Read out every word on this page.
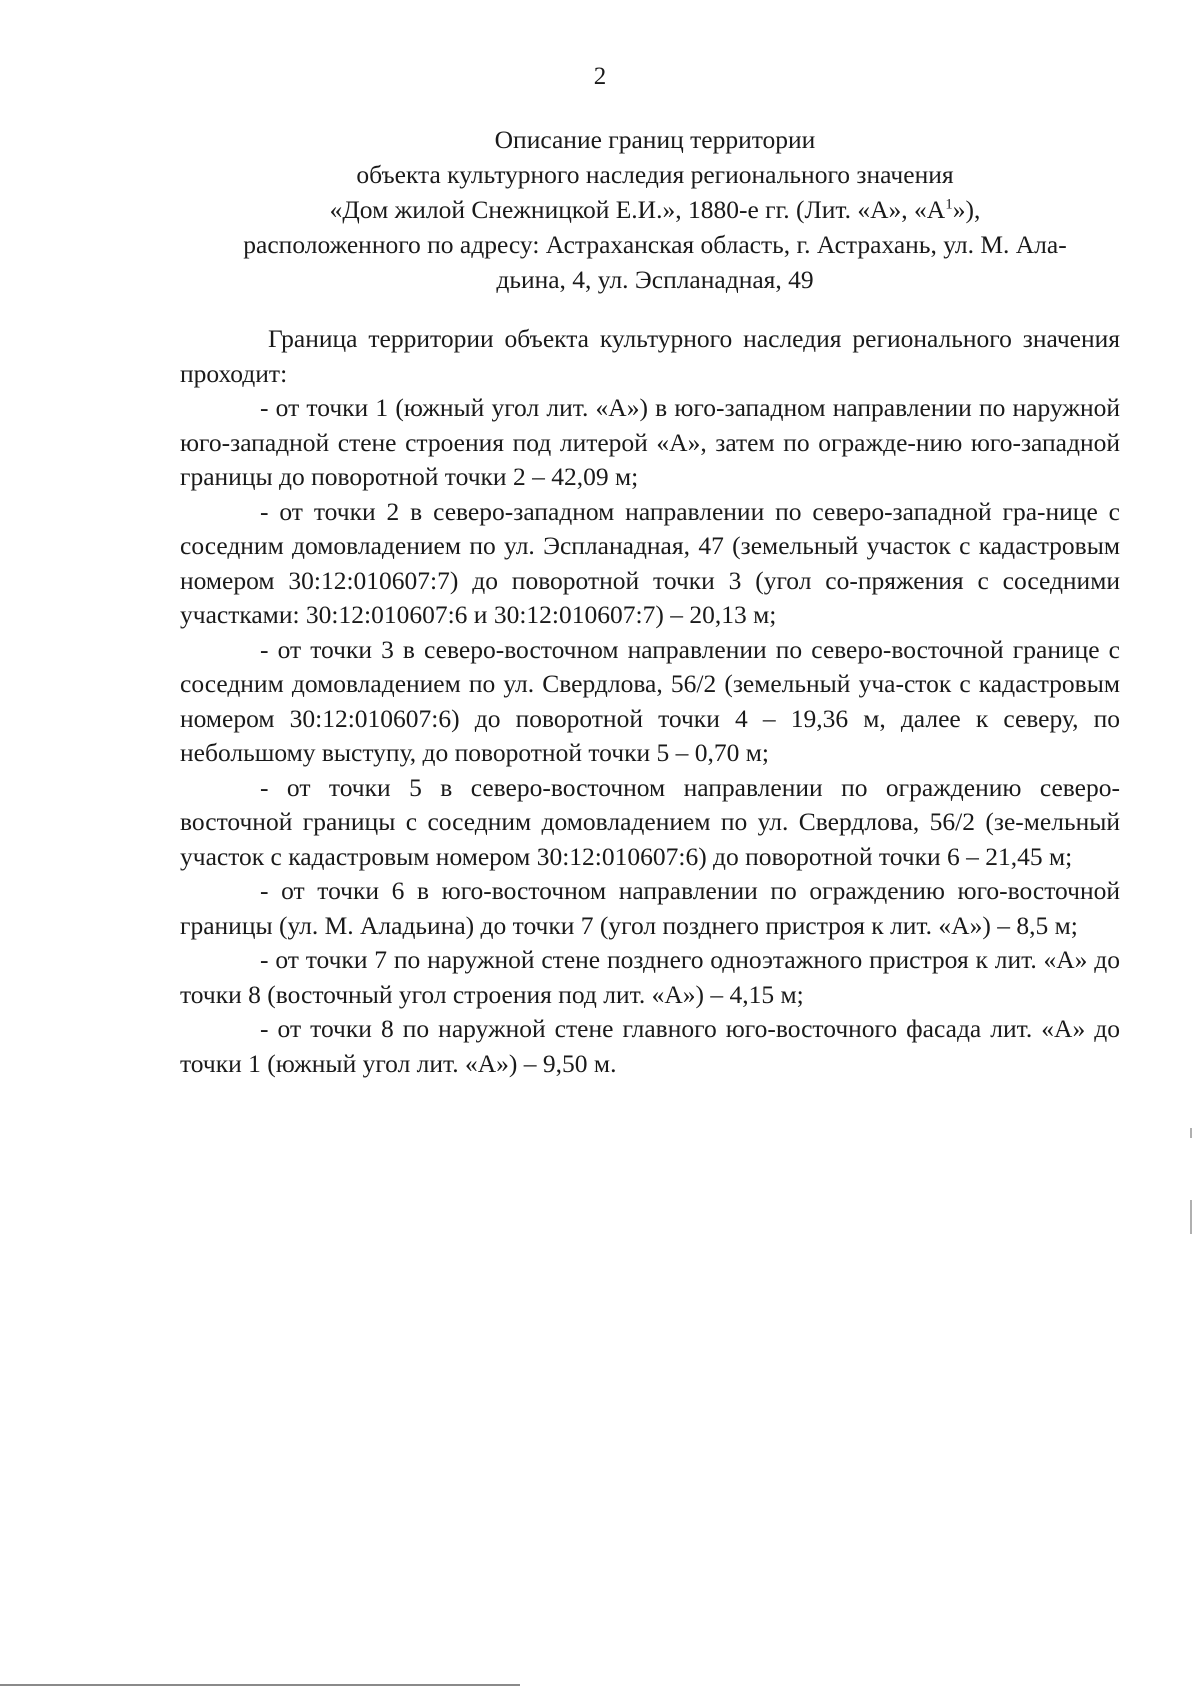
2
Описание границ территории
объекта культурного наследия регионального значения
«Дом жилой Снежницкой Е.И.», 1880-е гг. (Лит. «А», «$А^1$»),
расположенного по адресу: Астраханская область, г. Астрахань, ул. М. Ала-
дьина, 4, ул. Эспланадная, 49

Граница территории объекта культурного наследия регионального значения проходит:

- от точки 1 (южный угол лит. «А») в юго-западном направлении по наружной юго-западной стене строения под литерой «А», затем по огражде-нию юго-западной границы до поворотной точки 2 – 42,09 м;

- от точки 2 в северо-западном направлении по северо-западной гра-нице с соседним домовладением по ул. Эспланадная, 47 (земельный участок с кадастровым номером 30:12:010607:7) до поворотной точки 3 (угол со-пряжения с соседними участками: 30:12:010607:6 и 30:12:010607:7) – 20,13 м;

- от точки 3 в северо-восточном направлении по северо-восточной границе с соседним домовладением по ул. Свердлова, 56/2 (земельный уча-сток с кадастровым номером 30:12:010607:6) до поворотной точки 4 – 19,36 м, далее к северу, по небольшому выступу, до поворотной точки 5 – 0,70 м;

- от точки 5 в северо-восточном направлении по ограждению северо-восточной границы с соседним домовладением по ул. Свердлова, 56/2 (зе-мельный участок с кадастровым номером 30:12:010607:6) до поворотной точки 6 – 21,45 м;

- от точки 6 в юго-восточном направлении по ограждению юго-восточной границы (ул. М. Аладьина) до точки 7 (угол позднего пристроя к лит. «А») – 8,5 м;

- от точки 7 по наружной стене позднего одноэтажного пристроя к лит. «А» до точки 8 (восточный угол строения под лит. «А») – 4,15 м;

- от точки 8 по наружной стене главного юго-восточного фасада лит. «А» до точки 1 (южный угол лит. «А») – 9,50 м.
